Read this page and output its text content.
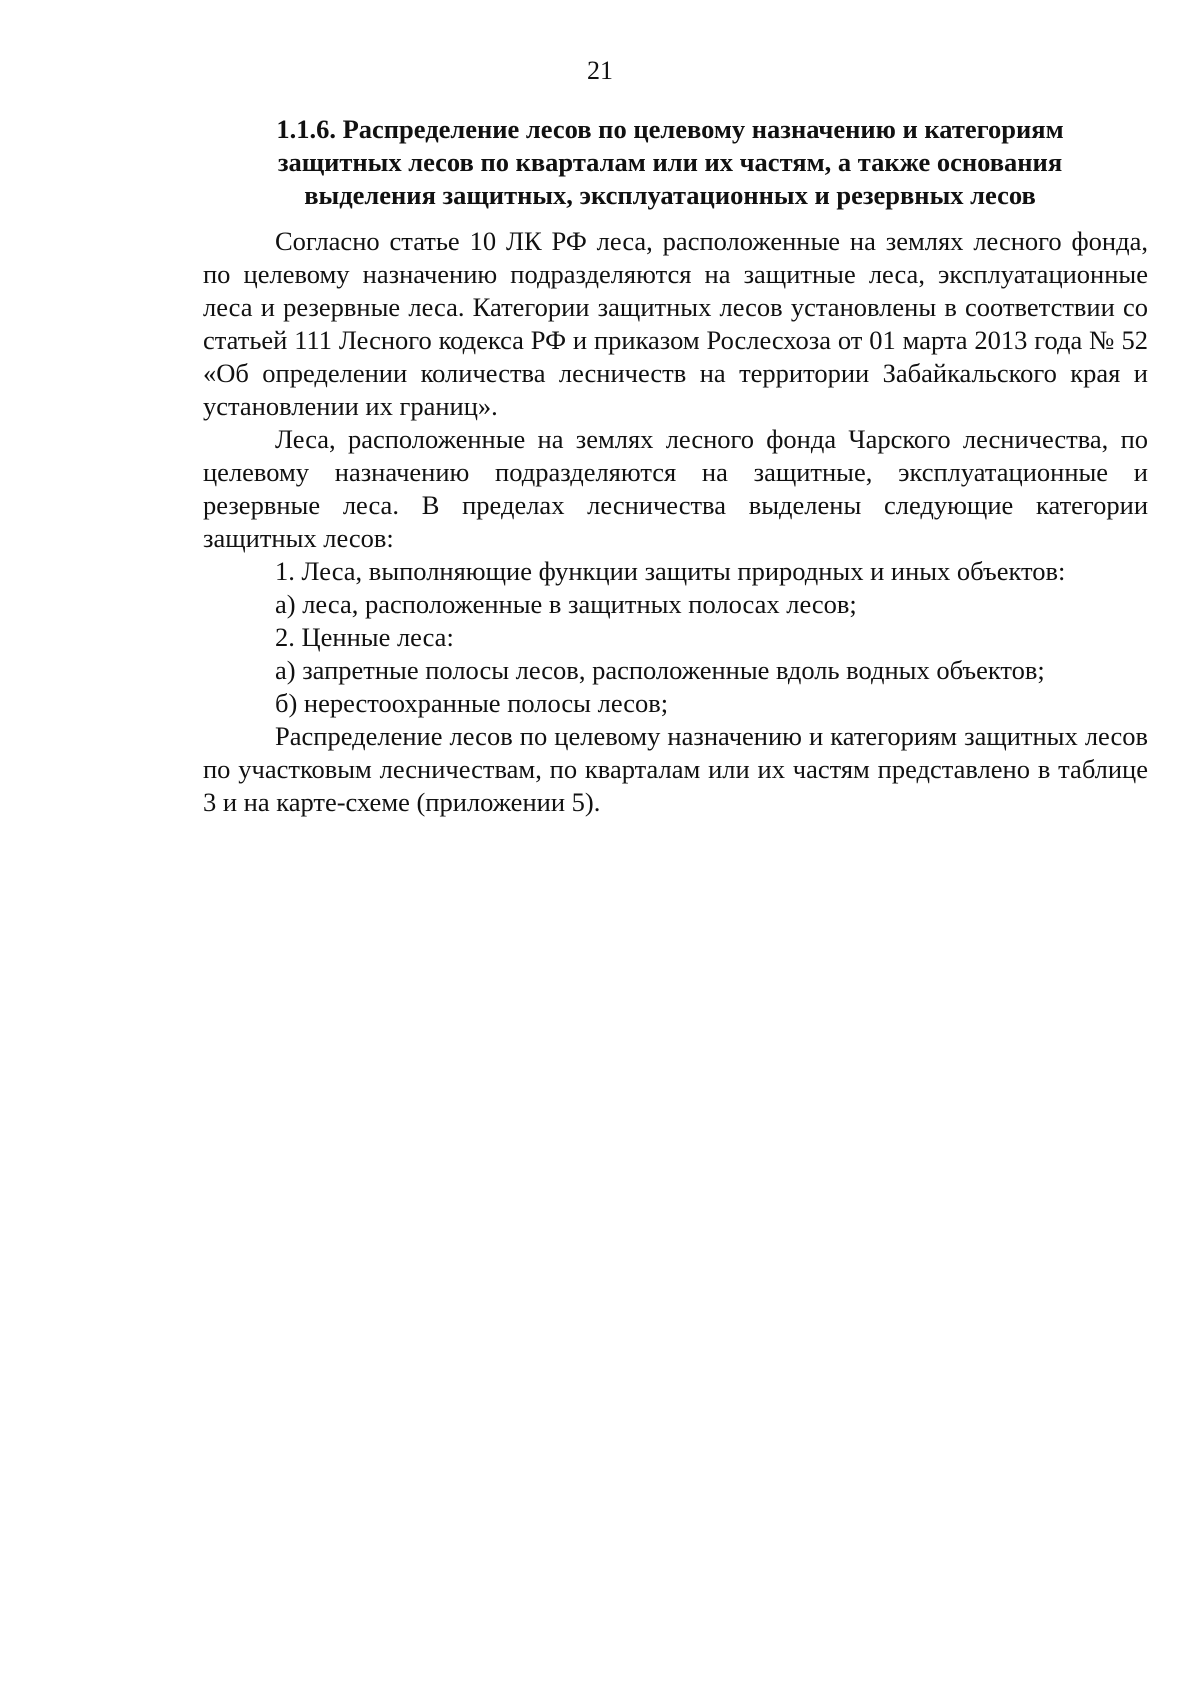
21
1.1.6. Распределение лесов по целевому назначению и категориям
защитных лесов по кварталам или их частям, а также основания
выделения защитных, эксплуатационных и резервных лесов

Согласно статье 10 ЛК РФ леса, расположенные на землях лесного фонда, по целевому назначению подразделяются на защитные леса, эксплуатационные леса и резервные леса. Категории защитных лесов установлены в соответствии со статьей 111 Лесного кодекса РФ и приказом Рослесхоза от 01 марта 2013 года № 52 «Об определении количества лесничеств на территории Забайкальского края и установлении их границ».

Леса, расположенные на землях лесного фонда Чарского лесничества, по целевому назначению подразделяются на защитные, эксплуатационные и резервные леса. В пределах лесничества выделены следующие категории защитных лесов:

1. Леса, выполняющие функции защиты природных и иных объектов:

а) леса, расположенные в защитных полосах лесов;

2. Ценные леса:

а) запретные полосы лесов, расположенные вдоль водных объектов;

б) нерестоохранные полосы лесов;

Распределение лесов по целевому назначению и категориям защитных лесов по участковым лесничествам, по кварталам или их частям представлено в таблице 3 и на карте-схеме (приложении 5).
